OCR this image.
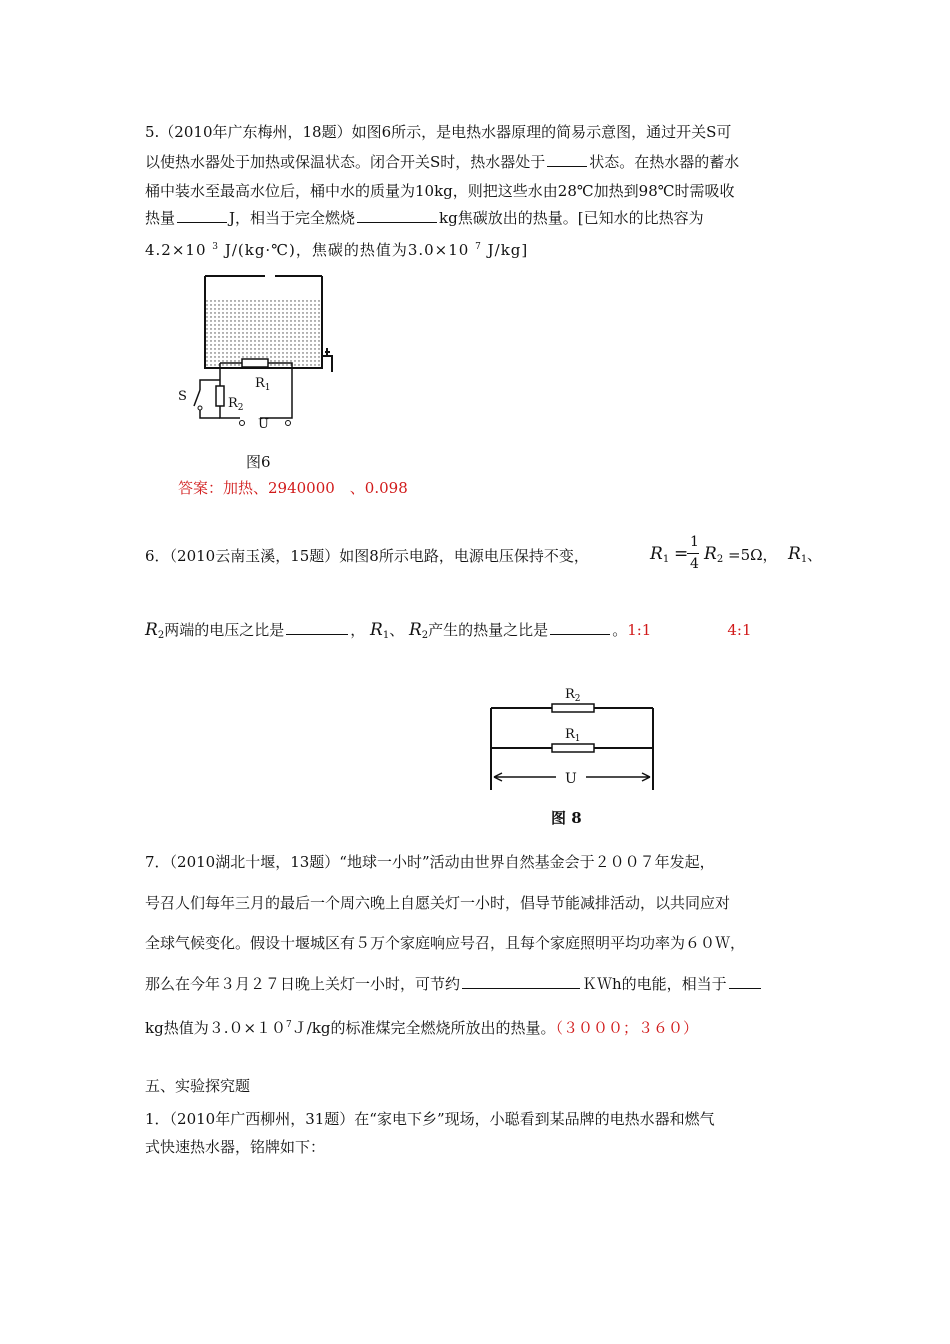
5.（2010年广东梅州，18题）如图6所示，是电热水器原理的简易示意图，通过开关S可
以使热水器处于加热或保温状态。闭合开关S时，热水器处于	状态。在热水器的蓄水
桶中装水至最高水位后，桶中水的质量为10kg，则把这些水由28℃加热到98℃时需吸收
热量	J，相当于完全燃烧	kg焦碳放出的热量。[已知水的比热容为
4.2×10 $^3$ J/(kg·℃)，焦碳的热值为3.0×10 $^7$ J/kg]
$R_1$
$R_2$
S
U
图6
答案：加热、2940000　、0.098
6．（2010云南玉溪，15题）如图8所示电路，电源电压保持不变，	$R_1$ =
1
4 $R_2 =5\Omega$， $R_1$ 、
$R_2$两端的电压之比是	， $R_1$、 $R_2$产生的热量之比是	。1:1	4:1
$R_2$
$R_1$
U
图 8
7．（2010湖北十堰，13题）“地球一小时”活动由世界自然基金会于２００７年发起，
号召人们每年三月的最后一个周六晚上自愿关灯一小时，倡导节能减排活动，以共同应对
全球气候变化。假设十堰城区有５万个家庭响应号召，且每个家庭照明平均功率为６０Ｗ，
那么在今年３月２７日晚上关灯一小时，可节约	ＫＷh的电能，相当于
kg热值为$3.0\times 10^7J/kg$的标准煤完全燃烧所放出的热量。（３０００；３６０）
五、实验探究题
1．（2010年广西柳州，31题）在“家电下乡”现场，小聪看到某品牌的电热水器和燃气
式快速热水器，铭牌如下：
